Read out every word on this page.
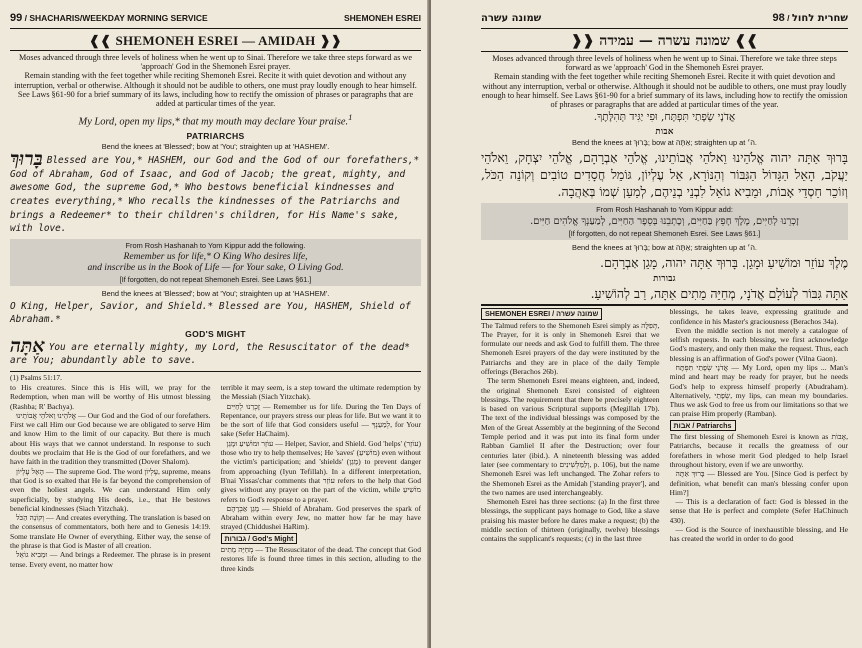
99 / SHACHARIS/WEEKDAY MORNING SERVICE	SHEMONEH ESREI
❰❰ SHEMONEH ESREI — AMIDAH ❱❱

Moses advanced through three levels of holiness when he went up to Sinai. Therefore we take three steps forward as we 'approach' God in the Shemoneh Esrei prayer.

Remain standing with the feet together while reciting Shemoneh Esrei. Recite it with quiet devotion and without any interruption, verbal or otherwise. Although it should not be audible to others, one must pray loudly enough to hear himself. See Laws §61-90 for a brief summary of its laws, including how to rectify the omission of phrases or paragraphs that are added at particular times of the year.

My Lord, open my lips,* that my mouth may declare Your praise.$^1$

PATRIARCHS
Bend the knees at 'Blessed'; bow at 'You'; straighten up at 'HASHEM'.

בָּרוּךְ Blessed are You,* HASHEM, our God and the God of our forefathers,* God of Abraham, God of Isaac, and God of Jacob; the great, mighty, and awesome God, the supreme God,* Who bestows beneficial kindnesses and creates everything,* Who recalls the kindnesses of the Patriarchs and brings a Redeemer* to their children's children, for His Name's sake, with love.

From Rosh Hashanah to Yom Kippur add the following.

Remember us for life,* O King Who desires life,

and inscribe us in the Book of Life — for Your sake, O Living God.

[If forgotten, do not repeat Shemoneh Esrei. See Laws §61.]

Bend the knees at 'Blessed'; bow at 'You'; straighten up at 'HASHEM'.

O King, Helper, Savior, and Shield.* Blessed are You, HASHEM, Shield of Abraham.*

GOD'S MIGHT

אַתָּה You are eternally mighty, my Lord, the Resuscitator of the dead* are You; abundantly able to save.

(1) Psalms 51:17.

to His creatures. Since this is His will, we pray for the Redemption, when man will be worthy of His utmost blessing (Rashba; R' Bachya).

אֱלֹהֵינוּ וֵאלֹהֵי אֲבוֹתֵינוּ — Our God and the God of our forefathers. First we call Him our God because we are obligated to serve Him and know Him to the limit of our capacity. But there is much about His ways that we cannot understand. In response to such doubts we proclaim that He is the God of our forefathers, and we have faith in the tradition they transmitted (Dover Shalom).

הָאֵל עֶלְיוֹן — The supreme God. The word עֶלְיוֹן, supreme, means that God is so exalted that He is far beyond the comprehension of even the holiest angels. We can understand Him only superficially, by studying His deeds, i.e., that He bestows beneficial kindnesses (Siach Yitzchak).

וְקוֹנֵה הַכֹּל — And creates everything. The translation is based on the consensus of commentators, both here and to Genesis 14:19. Some translate He Owner of everything. Either way, the sense of the phrase is that God is Master of all creation.

וּמֵבִיא גוֹאֵל — And brings a Redeemer. The phrase is in present tense. Every event, no matter how

terrible it may seem, is a step toward the ultimate redemption by the Messiah (Siach Yitzchak).

זָכְרֵנוּ לְחַיִּים — Remember us for life. During the Ten Days of Repentance, our prayers stress our pleas for life. But we want it to be the sort of life that God considers useful — לְמַעַנְךָ, for Your sake (Sefer HaChaim).

עוֹזֵר וּמוֹשִׁיעַ וּמָגֵן — Helper, Savior, and Shield. God 'helps' (עוֹזֵר) those who try to help themselves; He 'saves' (מוֹשִׁיעַ) even without the victim's participation; and 'shields' (מָגֵן) to prevent danger from approaching (Iyun Tefillah). In a different interpretation, B'nai Yissas'char comments that עוֹזֵר refers to the help that God gives without any prayer on the part of the victim, while מוֹשִׁיעַ refers to God's response to a prayer.

מָגֵן אַבְרָהָם — Shield of Abraham. God preserves the spark of Abraham within every Jew, no matter how far he may have strayed (Chiddushei HaRim).

גבורות / God's Might

מְחַיֵּה מֵתִים — The Resuscitator of the dead. The concept that God restores life is found three times in this section, alluding to the three kinds

שמונה עשרה	שחרית לחול / 98
❱❱ שמונה עשרה — עמידה ❰❰

Moses advanced through three levels of holiness when he went up to Sinai. Therefore we take three steps forward as we 'approach' God in the Shemoneh Esrei prayer.

Remain standing with the feet together while reciting Shemoneh Esrei. Recite it with quiet devotion and without any interruption, verbal or otherwise. Although it should not be audible to others, one must pray loudly enough to hear himself. See Laws §61-90 for a brief summary of its laws, including how to rectify the omission of phrases or paragraphs that are added at particular times of the year.

אֲדֹנָי שְׂפָתַי תִּפְתָּח, וּפִי יַגִּיד תְּהִלָּתֶךָ.

אבות
Bend the knees at בָּרוּךְ; bow at אַתָּה; straighten up at ה׳.

בָּרוּךְ אַתָּה יהוה אֱלֹהֵינוּ וֵאלֹהֵי אֲבוֹתֵינוּ, אֱלֹהֵי אַבְרָהָם, אֱלֹהֵי יִצְחָק, וֵאלֹהֵי יַעֲקֹב, הָאֵל הַגָּדוֹל הַגִּבּוֹר וְהַנּוֹרָא, אֵל עֶלְיוֹן, גּוֹמֵל חֲסָדִים טוֹבִים וְקוֹנֵה הַכֹּל, וְזוֹכֵר חַסְדֵי אָבוֹת, וּמֵבִיא גוֹאֵל לִבְנֵי בְנֵיהֶם, לְמַעַן שְׁמוֹ בְּאַהֲבָה.

From Rosh Hashanah to Yom Kippur add:

זָכְרֵנוּ לְחַיִּים, מֶלֶךְ חָפֵץ בַּחַיִּים, וְכָתְבֵנוּ בְּסֵפֶר הַחַיִּים, לְמַעַנְךָ אֱלֹהִים חַיִּים.

[If forgotten, do not repeat Shemoneh Esrei. See Laws §61.]

Bend the knees at בָּרוּךְ; bow at אַתָּה; straighten up at ה׳.

מֶלֶךְ עוֹזֵר וּמוֹשִׁיעַ וּמָגֵן. בָּרוּךְ אַתָּה יהוה, מָגֵן אַבְרָהָם.

גבורות

אַתָּה גִּבּוֹר לְעוֹלָם אֲדֹנָי, מְחַיֵּה מֵתִים אַתָּה, רַב לְהוֹשִׁיעַ.

SHEMONEH ESREI / שמונה עשרה

The Talmud refers to the Shemoneh Esrei simply as תְּפִלָּה, The Prayer, for it is only in Shemoneh Esrei that we formulate our needs and ask God to fulfill them. The three Shemoneh Esrei prayers of the day were instituted by the Patriarchs and they are in place of the daily Temple offerings (Berachos 26b).

The term Shemoneh Esrei means eighteen, and, indeed, the original Shemoneh Esrei consisted of eighteen blessings. The requirement that there be precisely eighteen is based on various Scriptural supports (Megillah 17b). The text of the individual blessings was composed by the Men of the Great Assembly at the beginning of the Second Temple period and it was put into its final form under Rabban Gamliel II after the Destruction; over four centuries later (ibid.). A nineteenth blessing was added later (see commentary to וְלַמַּלְשִׁינִים, p. 106), but the name Shemoneh Esrei was left unchanged. The Zohar refers to the Shemoneh Esrei as the Amidah ['standing prayer'], and the two names are used interchangeably.

Shemoneh Esrei has three sections: (a) In the first three blessings, the supplicant pays homage to God, like a slave praising his master before he dares make a request; (b) the middle section of thirteen (originally, twelve) blessings contains the supplicant's requests; (c) in the last three

blessings, he takes leave, expressing gratitude and confidence in his Master's graciousness (Berachos 34a).

Even the middle section is not merely a catalogue of selfish requests. In each blessing, we first acknowledge God's mastery, and only then make the request. Thus, each blessing is an affirmation of God's power (Vilna Gaon).

אֲדֹנָי שְׂפָתַי תִּפְתָּח — My Lord, open my lips ... Man's mind and heart may be ready for prayer, but he needs God's help to express himself properly (Abudraham). Alternatively, שְׂפָתַי, my lips, can mean my boundaries. Thus we ask God to free us from our limitations so that we can praise Him properly (Ramban).

אבות / Patriarchs

The first blessing of Shemoneh Esrei is known as אָבוֹת, Patriarchs, because it recalls the greatness of our forefathers in whose merit God pledged to help Israel throughout history, even if we are unworthy.

בָּרוּךְ אַתָּה — Blessed are You. [Since God is perfect by definition, what benefit can man's blessing confer upon Him?]

— This is a declaration of fact: God is blessed in the sense that He is perfect and complete (Sefer HaChinuch 430).

— God is the Source of inexhaustible blessing, and He has created the world in order to do good
